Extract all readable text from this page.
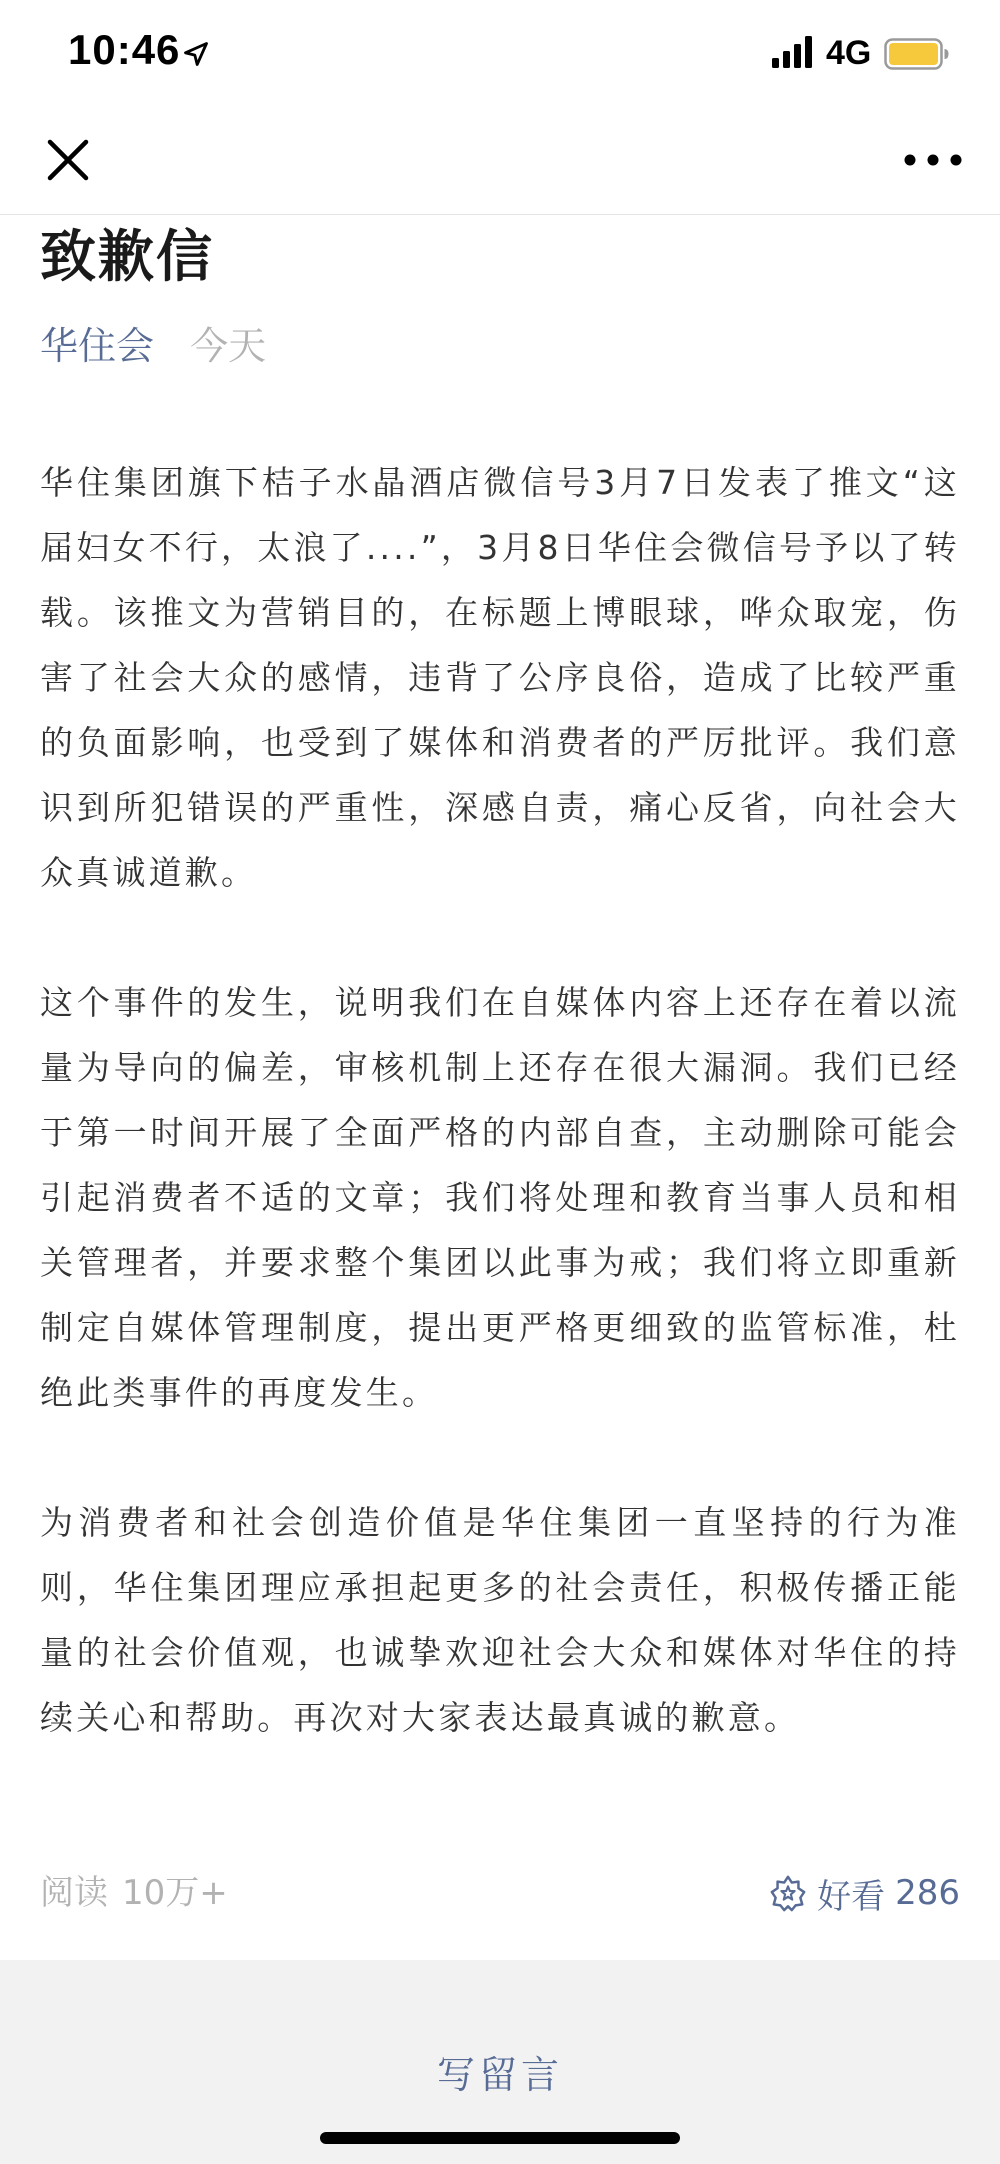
10:46	4G
致歉信
华住会 今天

华住集团旗下桔子水晶酒店微信号3月7日发表了推文“这届妇女不行，太浪了....”，3月8日华住会微信号予以了转载。该推文为营销目的，在标题上博眼球，哗众取宠，伤害了社会大众的感情，违背了公序良俗，造成了比较严重的负面影响，也受到了媒体和消费者的严厉批评。我们意识到所犯错误的严重性，深感自责，痛心反省，向社会大众真诚道歉。

这个事件的发生，说明我们在自媒体内容上还存在着以流量为导向的偏差，审核机制上还存在很大漏洞。我们已经于第一时间开展了全面严格的内部自查，主动删除可能会引起消费者不适的文章；我们将处理和教育当事人员和相关管理者，并要求整个集团以此事为戒；我们将立即重新制定自媒体管理制度，提出更严格更细致的监管标准，杜绝此类事件的再度发生。

为消费者和社会创造价值是华住集团一直坚持的行为准则，华住集团理应承担起更多的社会责任，积极传播正能量的社会价值观，也诚挚欢迎社会大众和媒体对华住的持续关心和帮助。再次对大家表达最真诚的歉意。

阅读 10万+	好看 286
写留言
